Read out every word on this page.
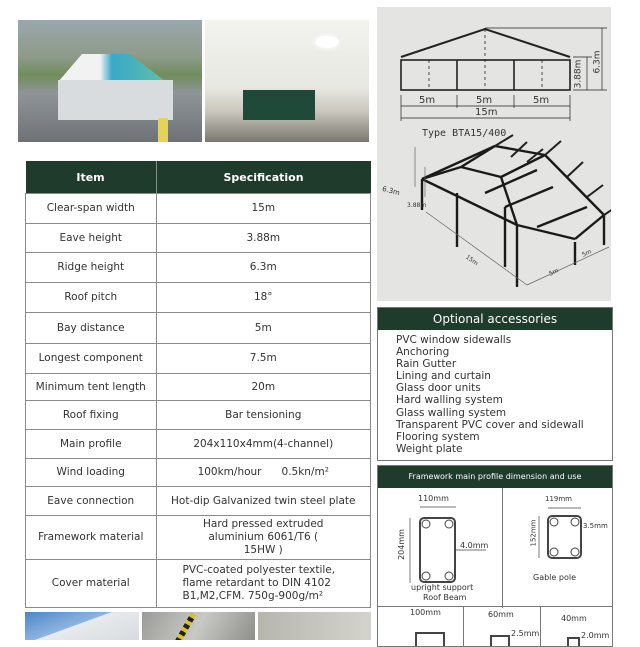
5m	5m	5m
15m
3.88m 6.3m
Type BTA15/400
6.3m
3.88m
15m
5m
5m
Item	Specification
Clear-span width	15m
Eave height	3.88m
Ridge height	6.3m
Roof pitch	18°
Bay distance	5m
Longest component	7.5m
Minimum tent length	20m
Roof fixing	Bar tensioning
Main profile	204x110x4mm(4-channel)
Wind loading	100km/hour      0.5kn/m²
Eave connection	Hot-dip Galvanized twin steel plate
Framework material	Hard pressed extruded aluminium 6061/T6 ( 15HW )
Cover material	PVC-coated polyester textile, flame retardant to DIN 4102 B1,M2,CFM. 750g-900g/m²
Optional accessories
PVC window sidewalls
Anchoring
Rain Gutter
Lining and curtain
Glass door units
Hard walling system
Glass walling system
Transparent PVC cover and sidewall
Flooring system
Weight plate
Framework main profile dimension and use
110mm
204mm	4.0mm
upright support
Roof Beam
119mm
152mm	3.5mm
Gable pole
100mm	60mm
2.5mm
40mm
2.0mm
